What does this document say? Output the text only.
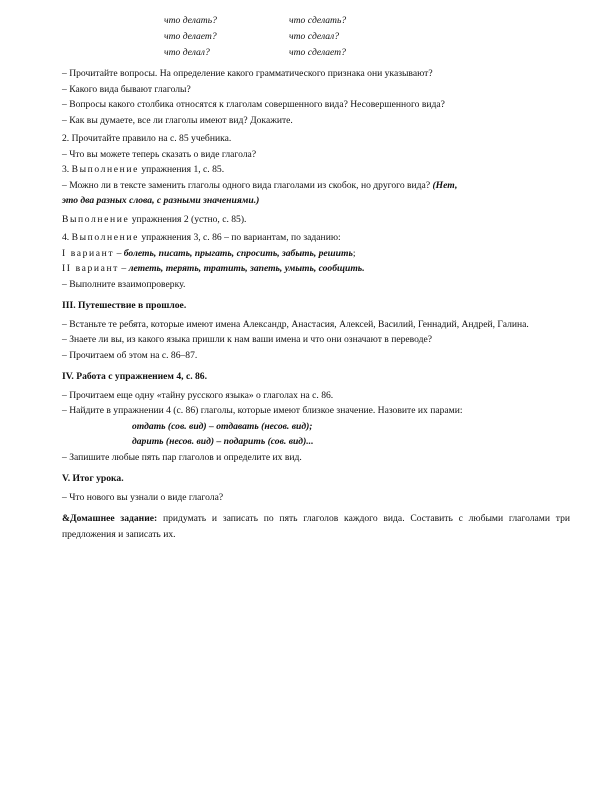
что делать?	что сделать?
что делает?	что сделал?
что делал?	что сделает?

– Прочитайте вопросы. На определение какого грамматического признака они указывают?

– Какого вида бывают глаголы?

– Вопросы какого столбика относятся к глаголам совершенного вида? Несовершенного вида?

– Как вы думаете, все ли глаголы имеют вид? Докажите.

2. Прочитайте правило на с. 85 учебника.

– Что вы можете теперь сказать о виде глагола?

3. Выполнение упражнения 1, с. 85.

– Можно ли в тексте заменить глаголы одного вида глаголами из скобок, но другого вида? (Нет,

это два разных слова, с разными значениями.)

Выполнение упражнения 2 (устно, с. 85).

4. Выполнение упражнения 3, с. 86 – по вариантам, по заданию:

I вариант – болеть, писать, прыгать, спросить, забыть, решить;

II вариант – лететь, терять, тратить, запеть, умыть, сообщить.

– Выполните взаимопроверку.

III. Путешествие в прошлое.

– Встаньте те ребята, которые имеют имена Александр, Анастасия, Алексей, Василий, Геннадий, Андрей, Галина.

– Знаете ли вы, из какого языка пришли к нам ваши имена и что они означают в переводе?

– Прочитаем об этом на с. 86–87.

IV. Работа с упражнением 4, с. 86.

– Прочитаем еще одну «тайну русского языка» о глаголах на с. 86.

– Найдите в упражнении 4 (с. 86) глаголы, которые имеют близкое значение. Назовите их парами:

отдать (сов. вид) – отдавать (несов. вид);

дарить (несов. вид) – подарить (сов. вид)...

– Запишите любые пять пар глаголов и определите их вид.

V. Итог урока.

– Что нового вы узнали о виде глагола?

&Домашнее задание: придумать и записать по пять глаголов каждого вида. Составить с любыми глаголами три предложения и записать их.
